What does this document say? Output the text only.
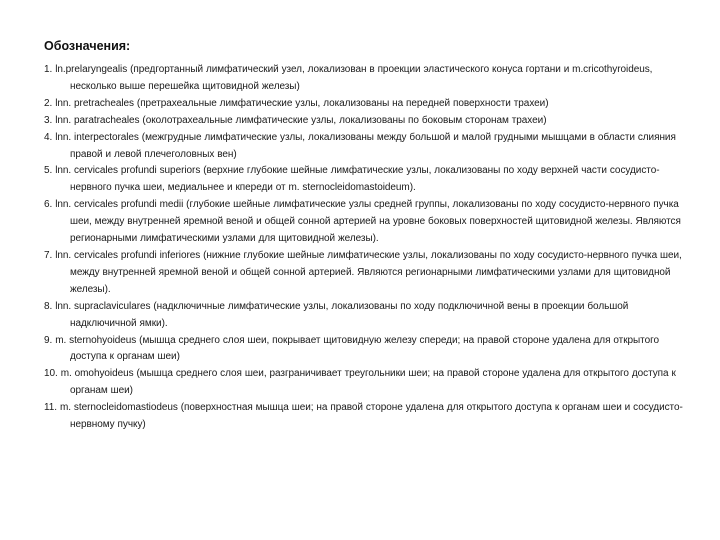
Обозначения:
1. ln.prelaryngealis (предгортанный лимфатический узел, локализован в проекции эластического конуса гортани и m.cricothyroideus, несколько выше перешейка щитовидной железы)
2. lnn. pretracheales (претрахеальные лимфатические узлы, локализованы на передней поверхности трахеи)
3. lnn. paratracheales (околотрахеальные лимфатические узлы, локализованы по боковым сторонам трахеи)
4. lnn. interpectorales (межгрудные лимфатические узлы, локализованы между большой и малой грудными мышцами в области слияния правой и левой плечеголовных вен)
5. lnn. cervicales profundi superiors (верхние глубокие шейные лимфатические узлы, локализованы по ходу верхней части сосудисто-нервного пучка шеи, медиальнее и кпереди от m. sternocleidomastoideum).
6. lnn. cervicales profundi medii (глубокие шейные лимфатические узлы средней группы, локализованы по ходу сосудисто-нервного пучка шеи, между внутренней яремной веной и общей сонной артерией на уровне боковых поверхностей щитовидной железы. Являются регионарными лимфатическими узлами для щитовидной железы).
7. lnn. cervicales profundi inferiores (нижние глубокие шейные лимфатические узлы, локализованы по ходу сосудисто-нервного пучка шеи, между внутренней яремной веной и общей сонной артерией. Являются регионарными лимфатическими узлами для щитовидной железы).
8. lnn. supraclaviculares (надключичные лимфатические узлы, локализованы по ходу подключичной вены в проекции большой надключичной ямки).
9. m. sternohyoideus (мышца среднего слоя шеи, покрывает щитовидную железу спереди; на правой стороне удалена для открытого доступа к органам шеи)
10. m. omohyoideus (мышца среднего слоя шеи, разграничивает треугольники шеи; на правой стороне удалена для открытого доступа к органам шеи)
11. m. sternocleidomastiodeus (поверхностная мышца шеи; на правой стороне удалена для открытого доступа к органам шеи и сосудисто-нервному пучку)
